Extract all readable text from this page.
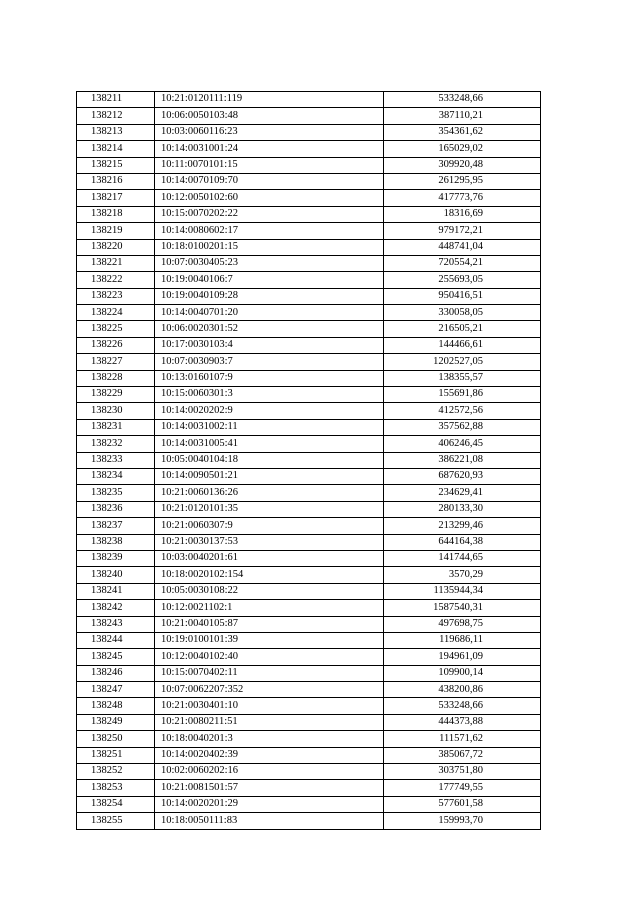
138211	10:21:0120111:119	533248,66
138212	10:06:0050103:48	387110,21
138213	10:03:0060116:23	354361,62
138214	10:14:0031001:24	165029,02
138215	10:11:0070101:15	309920,48
138216	10:14:0070109:70	261295,95
138217	10:12:0050102:60	417773,76
138218	10:15:0070202:22	18316,69
138219	10:14:0080602:17	979172,21
138220	10:18:0100201:15	448741,04
138221	10:07:0030405:23	720554,21
138222	10:19:0040106:7	255693,05
138223	10:19:0040109:28	950416,51
138224	10:14:0040701:20	330058,05
138225	10:06:0020301:52	216505,21
138226	10:17:0030103:4	144466,61
138227	10:07:0030903:7	1202527,05
138228	10:13:0160107:9	138355,57
138229	10:15:0060301:3	155691,86
138230	10:14:0020202:9	412572,56
138231	10:14:0031002:11	357562,88
138232	10:14:0031005:41	406246,45
138233	10:05:0040104:18	386221,08
138234	10:14:0090501:21	687620,93
138235	10:21:0060136:26	234629,41
138236	10:21:0120101:35	280133,30
138237	10:21:0060307:9	213299,46
138238	10:21:0030137:53	644164,38
138239	10:03:0040201:61	141744,65
138240	10:18:0020102:154	3570,29
138241	10:05:0030108:22	1135944,34
138242	10:12:0021102:1	1587540,31
138243	10:21:0040105:87	497698,75
138244	10:19:0100101:39	119686,11
138245	10:12:0040102:40	194961,09
138246	10:15:0070402:11	109900,14
138247	10:07:0062207:352	438200,86
138248	10:21:0030401:10	533248,66
138249	10:21:0080211:51	444373,88
138250	10:18:0040201:3	111571,62
138251	10:14:0020402:39	385067,72
138252	10:02:0060202:16	303751,80
138253	10:21:0081501:57	177749,55
138254	10:14:0020201:29	577601,58
138255	10:18:0050111:83	159993,70
